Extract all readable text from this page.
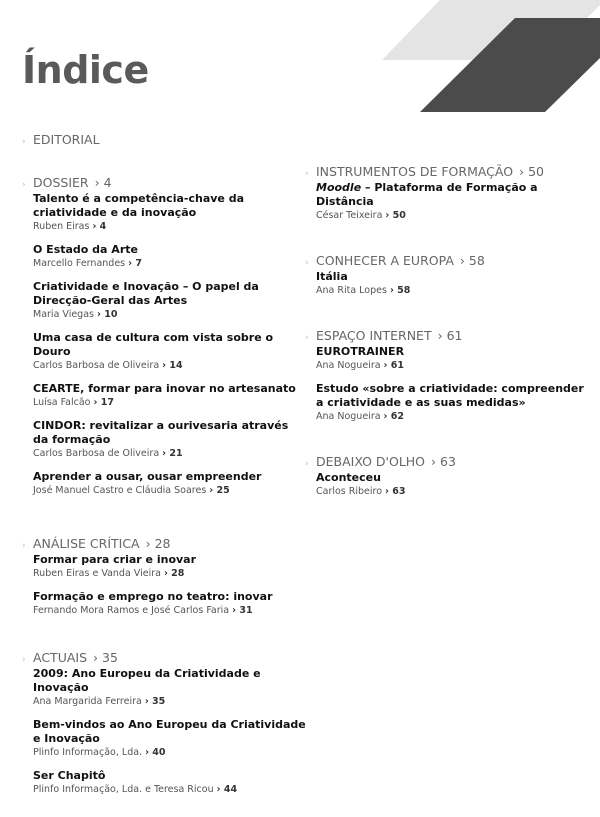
Índice
› EDITORIAL
› DOSSIER › 4
Talento é a competência-chave da criatividade e da inovação
Ruben Eiras › 4
O Estado da Arte
Marcello Fernandes › 7
Criatividade e Inovação – O papel da Direcção-Geral das Artes
Maria Viegas › 10
Uma casa de cultura com vista sobre o Douro
Carlos Barbosa de Oliveira › 14
CEARTE, formar para inovar no artesanato
Luísa Falcão › 17
CINDOR: revitalizar a ourivesaria através da formação
Carlos Barbosa de Oliveira › 21
Aprender a ousar, ousar empreender
José Manuel Castro e Cláudia Soares › 25
› ANÁLISE CRÍTICA › 28
Formar para criar e inovar
Ruben Eiras e Vanda Vieira › 28
Formação e emprego no teatro: inovar
Fernando Mora Ramos e José Carlos Faria › 31
› ACTUAIS › 35
2009: Ano Europeu da Criatividade e Inovação
Ana Margarida Ferreira › 35
Bem-vindos ao Ano Europeu da Criatividade e Inovação
Plinfo Informação, Lda. › 40
Ser Chapitô
Plinfo Informação, Lda. e Teresa Ricou › 44
› INSTRUMENTOS DE FORMAÇÃO › 50
Moodle – Plataforma de Formação a Distância
César Teixeira › 50
› CONHECER A EUROPA › 58
Itália
Ana Rita Lopes › 58
› ESPAÇO INTERNET › 61
EUROTRAINER
Ana Nogueira › 61
Estudo «sobre a criatividade: compreender a criatividade e as suas medidas»
Ana Nogueira › 62
› DEBAIXO D'OLHO › 63
Aconteceu
Carlos Ribeiro › 63
